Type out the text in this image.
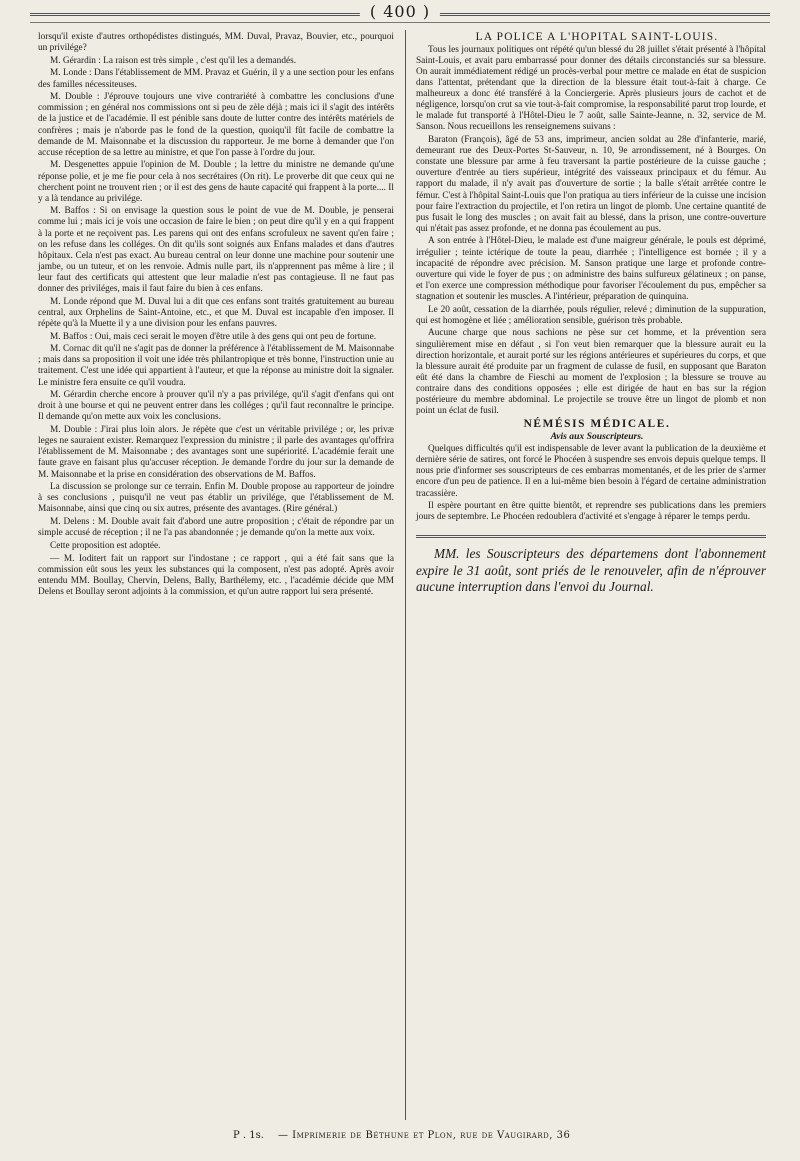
( 400 )

lorsqu'il existe d'autres orthopédistes distingués, MM. Duval, Pravaz, Bouvier, etc., pourquoi un privilége?

M. Gérardin : La raison est très simple , c'est qu'il les a demandés.

M. Londe : Dans l'établissement de MM. Pravaz et Guérin, il y a une section pour les enfans des familles nécessiteuses.

M. Double : J'éprouve toujours une vive contrariété à combattre les conclusions d'une commission ; en général nos commissions ont si peu de zèle déjà ; mais ici il s'agit des intérêts de la justice et de l'académie. Il est pénible sans doute de lutter contre des intérêts matériels de confrères ; mais je n'aborde pas le fond de la question, quoiqu'il fût facile de combattre la demande de M. Maisonnabe et la discussion du rapporteur. Je me borne à demander que l'on accuse réception de sa lettre au ministre, et que l'on passe à l'ordre du jour.

M. Desgenettes appuie l'opinion de M. Double ; la lettre du ministre ne demande qu'une réponse polie, et je me fie pour cela à nos secrétaires (On rit). Le proverbe dit que ceux qui ne cherchent point ne trouvent rien ; or il est des gens de haute capacité qui frappent à la porte.... Il y a là tendance au privilége.

M. Baffos : Si on envisage la question sous le point de vue de M. Double, je penserai comme lui ; mais ici je vois une occasion de faire le bien ; on peut dire qu'il y en a qui frappent à la porte et ne reçoivent pas. Les parens qui ont des enfans scrofuleux ne savent qu'en faire ; on les refuse dans les colléges. On dit qu'ils sont soignés aux Enfans malades et dans d'autres hôpitaux. Cela n'est pas exact. Au bureau central on leur donne une machine pour soutenir une jambe, ou un tuteur, et on les renvoie. Admis nulle part, ils n'apprennent pas même à lire ; il leur faut des certificats qui attestent que leur maladie n'est pas contagieuse. Il ne faut pas donner des priviléges, mais il faut faire du bien à ces enfans.

M. Londe répond que M. Duval lui a dit que ces enfans sont traités gratuitement au bureau central, aux Orphelins de Saint-Antoine, etc., et que M. Duval est incapable d'en imposer. Il répète qu'à la Muette il y a une division pour les enfans pauvres.

M. Baffos : Oui, mais ceci serait le moyen d'être utile à des gens qui ont peu de fortune.

M. Cornac dit qu'il ne s'agit pas de donner la préférence à l'établissement de M. Maisonnabe ; mais dans sa proposition il voit une idée très philantropique et très bonne, l'instruction unie au traitement. C'est une idée qui appartient à l'auteur, et que la réponse au ministre doit la signaler. Le ministre fera ensuite ce qu'il voudra.

M. Gérardin cherche encore à prouver qu'il n'y a pas privilége, qu'il s'agit d'enfans qui ont droit à une bourse et qui ne peuvent entrer dans les colléges ; qu'il faut reconnaître le principe. Il demande qu'on mette aux voix les conclusions.

M. Double : J'irai plus loin alors. Je répète que c'est un véritable privilége ; or, les privæ leges ne sauraient exister. Remarquez l'expression du ministre ; il parle des avantages qu'offrira l'établissement de M. Maisonnabe ; des avantages sont une supériorité. L'académie ferait une faute grave en faisant plus qu'accuser réception. Je demande l'ordre du jour sur la demande de M. Maisonnabe et la prise en considération des observations de M. Baffos.

La discussion se prolonge sur ce terrain. Enfin M. Double propose au rapporteur de joindre à ses conclusions , puisqu'il ne veut pas établir un privilége, que l'établissement de M. Maisonnabe, ainsi que cinq ou six autres, présente des avantages. (Rire général.)

M. Delens : M. Double avait fait d'abord une autre proposition ; c'était de répondre par un simple accusé de réception ; il ne l'a pas abandonnée ; je demande qu'on la mette aux voix.

Cette proposition est adoptée.

— M. Ioditert fait un rapport sur l'indostane ; ce rapport , qui a été fait sans que la commission eût sous les yeux les substances qui la composent, n'est pas adopté. Après avoir entendu MM. Boullay, Chervin, Delens, Bally, Barthélemy, etc. , l'académie décide que MM Delens et Boullay seront adjoints à la commission, et qu'un autre rapport lui sera présenté.

LA POLICE A L'HOPITAL SAINT-LOUIS.

Tous les journaux politiques ont répété qu'un blessé du 28 juillet s'était présenté à l'hôpital Saint-Louis, et avait paru embarrassé pour donner des détails circonstanciés sur sa blessure. On aurait immédiatement rédigé un procès-verbal pour mettre ce malade en état de suspicion dans l'attentat, prétendant que la direction de la blessure était tout-à-fait à charge. Ce malheureux a donc été transféré à la Conciergerie. Après plusieurs jours de cachot et de négligence, lorsqu'on crut sa vie tout-à-fait compromise, la responsabilité parut trop lourde, et le malade fut transporté à l'Hôtel-Dieu le 7 août, salle Sainte-Jeanne, n. 32, service de M. Sanson. Nous recueillons les renseignemens suivans :

Baraton (François), âgé de 53 ans, imprimeur, ancien soldat au 28e d'infanterie, marié, demeurant rue des Deux-Portes St-Sauveur, n. 10, 9e arrondissement, né à Bourges. On constate une blessure par arme à feu traversant la partie postérieure de la cuisse gauche ; ouverture d'entrée au tiers supérieur, intégrité des vaisseaux principaux et du fémur. Au rapport du malade, il n'y avait pas d'ouverture de sortie ; la balle s'était arrêtée contre le fémur. C'est à l'hôpital Saint-Louis que l'on pratiqua au tiers inférieur de la cuisse une incision pour faire l'extraction du projectile, et l'on retira un lingot de plomb. Une certaine quantité de pus fusait le long des muscles ; on avait fait au blessé, dans la prison, une contre-ouverture qui n'était pas assez profonde, et ne donna pas écoulement au pus.

A son entrée à l'Hôtel-Dieu, le malade est d'une maigreur générale, le pouls est déprimé, irrégulier ; teinte ictérique de toute la peau, diarrhée ; l'intelligence est bornée ; il y a incapacité de répondre avec précision. M. Sanson pratique une large et profonde contre-ouverture qui vide le foyer de pus ; on administre des bains sulfureux gélatineux ; on panse, et l'on exerce une compression méthodique pour favoriser l'écoulement du pus, empêcher sa stagnation et soutenir les muscles. A l'intérieur, préparation de quinquina.

Le 20 août, cessation de la diarrhée, pouls régulier, relevé ; diminution de la suppuration, qui est homogène et liée ; amélioration sensible, guérison très probable.

Aucune charge que nous sachions ne pèse sur cet homme, et la prévention sera singulièrement mise en défaut , si l'on veut bien remarquer que la blessure aurait eu la direction horizontale, et aurait porté sur les régions antérieures et supérieures du corps, et que la blessure aurait été produite par un fragment de culasse de fusil, en supposant que Baraton eût été dans la chambre de Fieschi au moment de l'explosion ; la blessure se trouve au contraire dans des conditions opposées ; elle est dirigée de haut en bas sur la région postérieure du membre abdominal. Le projectile se trouve être un lingot de plomb et non point un éclat de fusil.

NÉMÉSIS MÉDICALE.

Avis aux Souscripteurs.

Quelques difficultés qu'il est indispensable de lever avant la publication de la deuxième et dernière série de satires, ont forcé le Phocéen à suspendre ses envois depuis quelque temps. Il nous prie d'informer ses souscripteurs de ces embarras momentanés, et de les prier de s'armer encore d'un peu de patience. Il en a lui-même bien besoin à l'égard de certaine administration tracassière.

Il espère pourtant en être quitte bientôt, et reprendre ses publications dans les premiers jours de septembre. Le Phocéen redoublera d'activité et s'engage à réparer le temps perdu.

MM. les Souscripteurs des départemens dont l'abonnement expire le 31 août, sont priés de le renouveler, afin de n'éprouver aucune interruption dans l'envoi du Journal.

P . 1s. — Imprimerie de Béthune et Plon, rue de Vaugirard, 36
